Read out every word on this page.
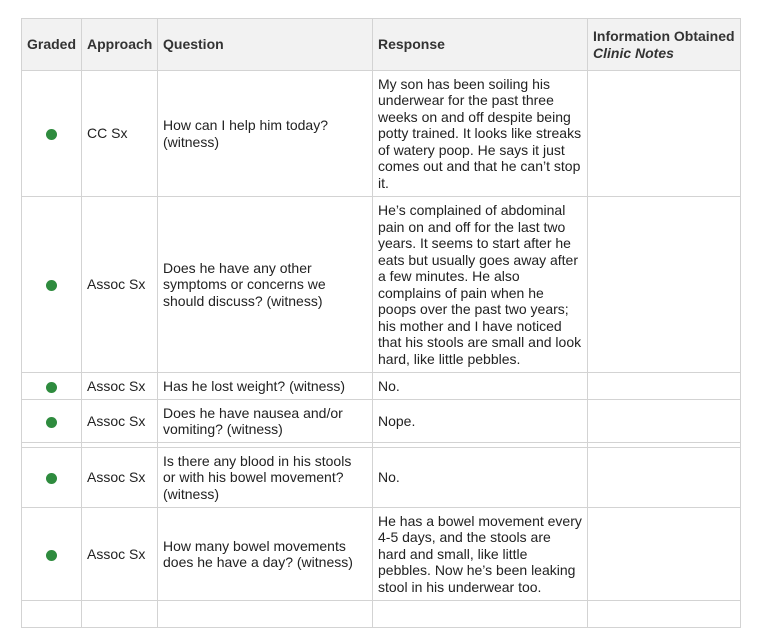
Graded	Approach	Question	Response	Information Obtained Clinic Notes
	CC Sx	How can I help him today? (witness)	My son has been soiling his underwear for the past three weeks on and off despite being potty trained. It looks like streaks of watery poop. He says it just comes out and that he can’t stop it.	
	Assoc Sx	Does he have any other symptoms or concerns we should discuss? (witness)	He’s complained of abdominal pain on and off for the last two years. It seems to start after he eats but usually goes away after a few minutes. He also complains of pain when he poops over the past two years; his mother and I have noticed that his stools are small and look hard, like little pebbles.	
	Assoc Sx	Has he lost weight? (witness)	No.	
	Assoc Sx	Does he have nausea and/or vomiting? (witness)	Nope.	

	Assoc Sx	Is there any blood in his stools or with his bowel movement? (witness)	No.	
	Assoc Sx	How many bowel movements does he have a day? (witness)	He has a bowel movement every 4-5 days, and the stools are hard and small, like little pebbles. Now he’s been leaking stool in his underwear too.	
